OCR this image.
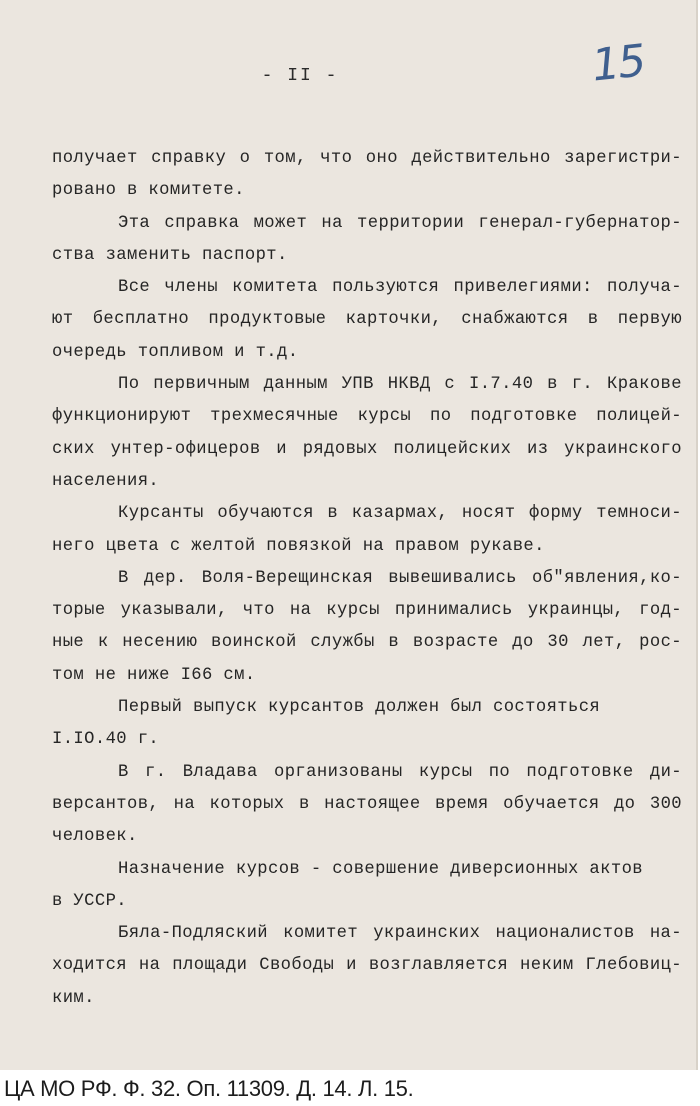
- II -	15
получает справку о том, что оно действительно зарегистри-
ровано в комитете.
Эта справка может на территории генерал-губернатор-
ства заменить паспорт.
Все члены комитета пользуются привелегиями: получа-
ют бесплатно продуктовые карточки, снабжаются в первую
очередь топливом и т.д.
По первичным данным УПВ НКВД с I.7.40 в г. Кракове
функционируют трехмесячные курсы по подготовке полицей-
ских унтер-офицеров и рядовых полицейских из украинского
населения.
Курсанты обучаются в казармах, носят форму темноси-
него цвета с желтой повязкой на правом рукаве.
В дер. Воля-Верещинская вывешивались об"явления,ко-
торые указывали, что на курсы принимались украинцы, год-
ные к несению воинской службы в возрасте до 30 лет, рос-
том не ниже I66 см.
Первый выпуск курсантов должен был состояться
I.IO.40 г.
В г. Владава организованы курсы по подготовке ди-
версантов, на которых в настоящее время обучается до 300
человек.
Назначение курсов - совершение диверсионных актов
в УССР.
Бяла-Подляский комитет украинских националистов на-
ходится на площади Свободы и возглавляется неким Глебовиц-
ким.
ЦА МО РФ. Ф. 32. Оп. 11309. Д. 14. Л. 15.
